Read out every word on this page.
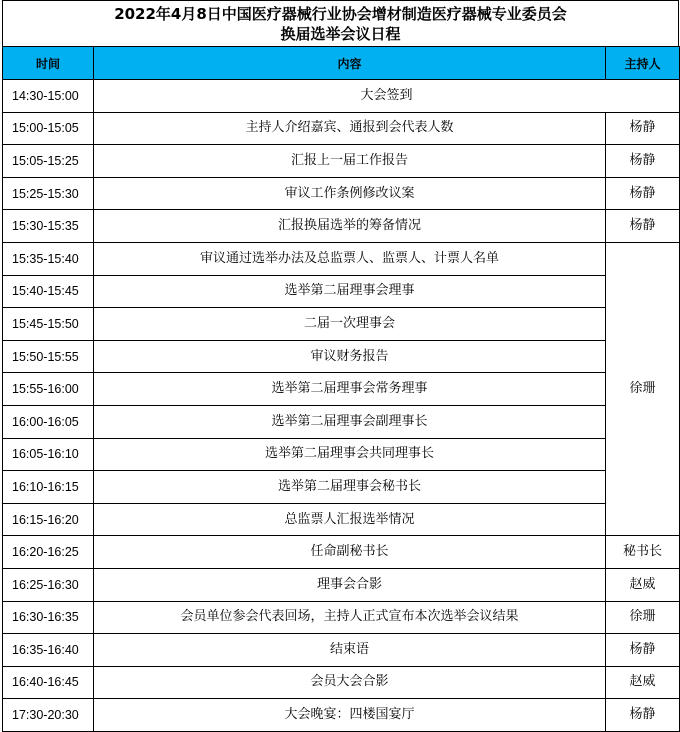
2022年4月8日中国医疗器械行业协会增材制造医疗器械专业委员会
换届选举会议日程
时间	内容	主持人
14:30-15:00	大会签到	
15:00-15:05	主持人介绍嘉宾、通报到会代表人数	杨静
15:05-15:25	汇报上一届工作报告	杨静
15:25-15:30	审议工作条例修改议案	杨静
15:30-15:35	汇报换届选举的筹备情况	杨静
15:35-15:40	审议通过选举办法及总监票人、监票人、计票人名单	徐珊
15:40-15:45	选举第二届理事会理事	
15:45-15:50	二届一次理事会	
15:50-15:55	审议财务报告	
15:55-16:00	选举第二届理事会常务理事	
16:00-16:05	选举第二届理事会副理事长	
16:05-16:10	选举第二届理事会共同理事长	
16:10-16:15	选举第二届理事会秘书长	
16:15-16:20	总监票人汇报选举情况	
16:20-16:25	任命副秘书长	秘书长
16:25-16:30	理事会合影	赵威
16:30-16:35	会员单位参会代表回场，主持人正式宣布本次选举会议结果	徐珊
16:35-16:40	结束语	杨静
16:40-16:45	会员大会合影	赵威
17:30-20:30	大会晚宴：四楼国宴厅	杨静
